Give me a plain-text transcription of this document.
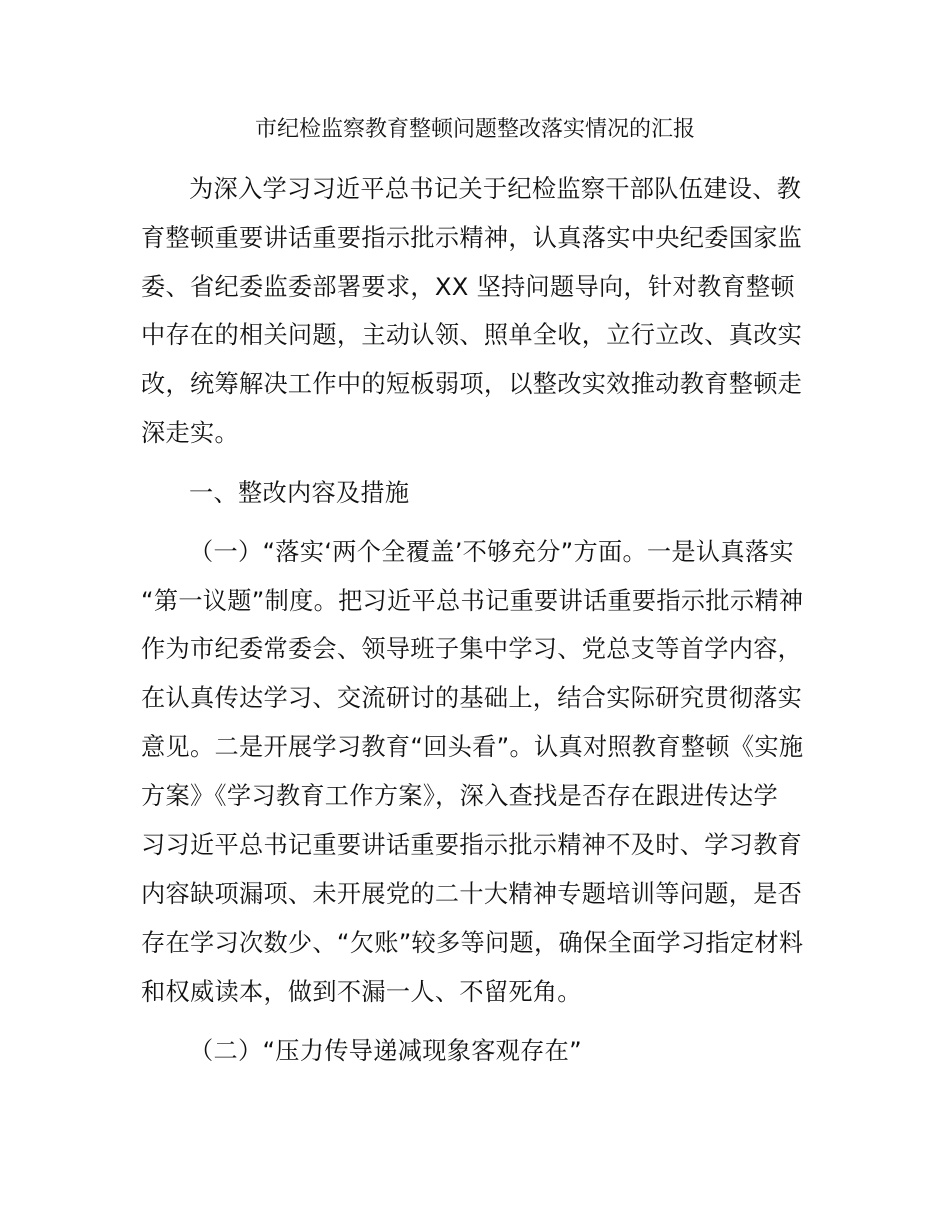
市纪检监察教育整顿问题整改落实情况的汇报
为深入学习习近平总书记关于纪检监察干部队伍建设、教
育整顿重要讲话重要指示批示精神，认真落实中央纪委国家监
委、省纪委监委部署要求，XX 坚持问题导向，针对教育整顿
中存在的相关问题，主动认领、照单全收，立行立改、真改实
改，统筹解决工作中的短板弱项，以整改实效推动教育整顿走
深走实。
一、整改内容及措施
（一）“落实‘两个全覆盖’不够充分”方面。一是认真落实
“第一议题”制度。把习近平总书记重要讲话重要指示批示精神
作为市纪委常委会、领导班子集中学习、党总支等首学内容，
在认真传达学习、交流研讨的基础上，结合实际研究贯彻落实
意见。二是开展学习教育“回头看”。认真对照教育整顿《实施
方案》《学习教育工作方案》，深入查找是否存在跟进传达学
习习近平总书记重要讲话重要指示批示精神不及时、学习教育
内容缺项漏项、未开展党的二十大精神专题培训等问题，是否
存在学习次数少、“欠账”较多等问题，确保全面学习指定材料
和权威读本，做到不漏一人、不留死角。
（二）“压力传导递减现象客观存在”
